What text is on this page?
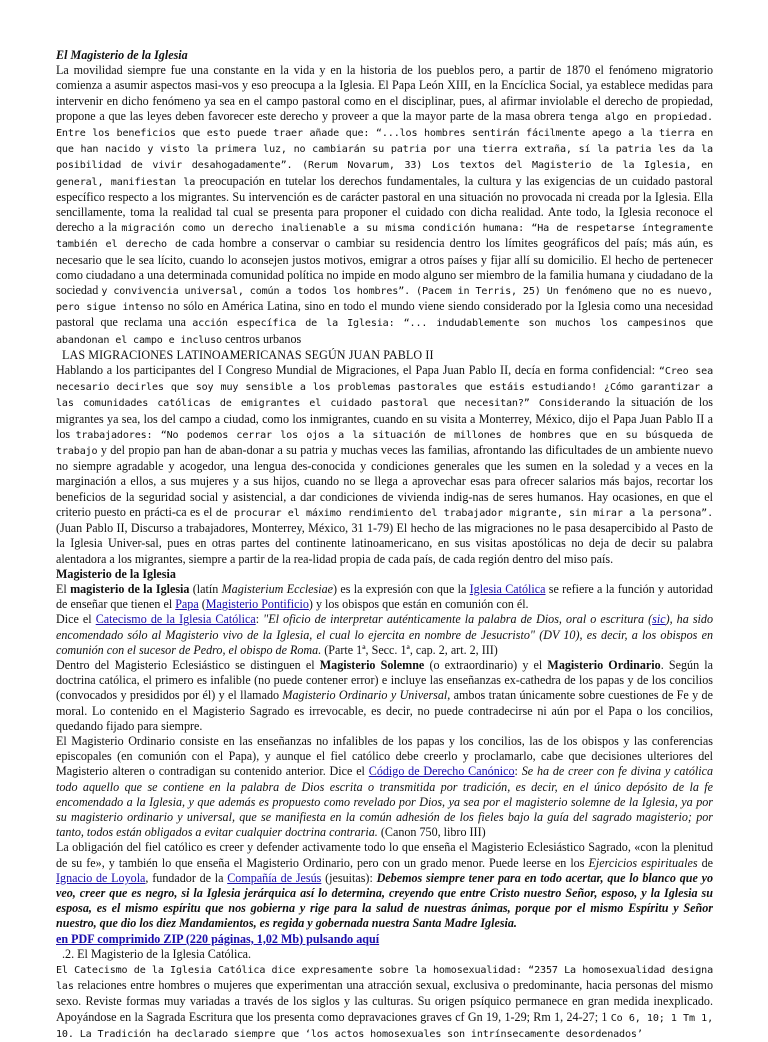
El Magisterio de la Iglesia

La movilidad siempre fue una constante en la vida y en la historia de los pueblos pero, a partir de 1870 el fenómeno migratorio comienza a asumir aspectos masi-vos y eso preocupa a la Iglesia. El Papa León XIII, en la Encíclica Social, ya establece medidas para intervenir en dicho fenómeno ya sea en el campo pastoral como en el disciplinar, pues, al afirmar inviolable el derecho de propiedad, propone a que las leyes deben favorecer este derecho y proveer a que la mayor parte de la masa obrera tenga algo en propiedad. Entre los beneficios que esto puede traer añade que: “...los hombres sentirán fácilmente apego a la tierra en que han nacido y visto la primera luz, no cambiarán su patria por una tierra extraña, sí la patria les da la posibilidad de vivir desahogadamente”. (Rerum Novarum, 33) Los textos del Magisterio de la Iglesia, en general, manifiestan la preocupación en tutelar los derechos fundamentales, la cultura y las exigencias de un cuidado pastoral específico respecto a los migrantes. Su intervención es de carácter pastoral en una situación no provocada ni creada por la Iglesia. Ella sencillamente, toma la realidad tal cual se presenta para proponer el cuidado con dicha realidad. Ante todo, la Iglesia reconoce el derecho a la migración como un derecho inalienable a su misma condición humana: “Ha de respetarse íntegramente también el derecho de cada hombre a conservar o cambiar su residencia dentro los límites geográficos del país; más aún, es necesario que le sea lícito, cuando lo aconsejen justos motivos, emigrar a otros países y fijar allí su domicilio. El hecho de pertenecer como ciudadano a una determinada comunidad política no impide en modo alguno ser miembro de la familia humana y ciudadano de la sociedad y convivencia universal, común a todos los hombres”. (Pacem in Terris, 25) Un fenómeno que no es nuevo, pero sigue intenso no sólo en América Latina, sino en todo el mundo viene siendo considerado por la Iglesia como una necesidad pastoral que reclama una acción específica de la Iglesia: “... indudablemente son muchos los campesinos que abandonan el campo e incluso centros urbanos

LAS MIGRACIONES LATINOAMERICANAS SEGÚN JUAN PABLO II

Hablando a los participantes del I Congreso Mundial de Migraciones, el Papa Juan Pablo II, decía en forma confidencial: “Creo sea necesario decirles que soy muy sensible a los problemas pastorales que estáis estudiando! ¿Cómo garantizar a las comunidades católicas de emigrantes el cuidado pastoral que necesitan?” Considerando la situación de los migrantes ya sea, los del campo a ciudad, como los inmigrantes, cuando en su visita a Monterrey, México, dijo el Papa Juan Pablo II a los trabajadores: “No podemos cerrar los ojos a la situación de millones de hombres que en su búsqueda de trabajo y del propio pan han de aban-donar a su patria y muchas veces las familias, afrontando las dificultades de un ambiente nuevo no siempre agradable y acogedor, una lengua des-conocida y condiciones generales que les sumen en la soledad y a veces en la marginación a ellos, a sus mujeres y a sus hijos, cuando no se llega a aprovechar esas para ofrecer salarios más bajos, recortar los beneficios de la seguridad social y asistencial, a dar condiciones de vivienda indig-nas de seres humanos. Hay ocasiones, en que el criterio puesto en prácti-ca es el de procurar el máximo rendimiento del trabajador migrante, sin mirar a la persona”. (Juan Pablo II, Discurso a trabajadores, Monterrey, México, 31 1-79) El hecho de las migraciones no le pasa desapercibido al Pasto de la Iglesia Univer-sal, pues en otras partes del continente latinoamericano, en sus visitas apostólicas no deja de decir su palabra alentadora a los migrantes, siempre a partir de la rea-lidad propia de cada país, de cada región dentro del miso país.

Magisterio de la Iglesia

El magisterio de la Iglesia (latín Magisterium Ecclesiae) es la expresión con que la Iglesia Católica se refiere a la función y autoridad de enseñar que tienen el Papa (Magisterio Pontificio) y los obispos que están en comunión con él.

Dice el Catecismo de la Iglesia Católica: "El oficio de interpretar auténticamente la palabra de Dios, oral o escritura (sic), ha sido encomendado sólo al Magisterio vivo de la Iglesia, el cual lo ejercita en nombre de Jesucristo" (DV 10), es decir, a los obispos en comunión con el sucesor de Pedro, el obispo de Roma. (Parte 1ª, Secc. 1ª, cap. 2, art. 2, III)

Dentro del Magisterio Eclesiástico se distinguen el Magisterio Solemne (o extraordinario) y el Magisterio Ordinario. Según la doctrina católica, el primero es infalible (no puede contener error) e incluye las enseñanzas ex-cathedra de los papas y de los concilios (convocados y presididos por él) y el llamado Magisterio Ordinario y Universal, ambos tratan únicamente sobre cuestiones de Fe y de moral. Lo contenido en el Magisterio Sagrado es irrevocable, es decir, no puede contradecirse ni aún por el Papa o los concilios, quedando fijado para siempre.

El Magisterio Ordinario consiste en las enseñanzas no infalibles de los papas y los concilios, las de los obispos y las conferencias episcopales (en comunión con el Papa), y aunque el fiel católico debe creerlo y proclamarlo, cabe que decisiones ulteriores del Magisterio alteren o contradigan su contenido anterior. Dice el Código de Derecho Canónico: Se ha de creer con fe divina y católica todo aquello que se contiene en la palabra de Dios escrita o transmitida por tradición, es decir, en el único depósito de la fe encomendado a la Iglesia, y que además es propuesto como revelado por Dios, ya sea por el magisterio solemne de la Iglesia, ya por su magisterio ordinario y universal, que se manifiesta en la común adhesión de los fieles bajo la guía del sagrado magisterio; por tanto, todos están obligados a evitar cualquier doctrina contraria. (Canon 750, libro III)

La obligación del fiel católico es creer y defender activamente todo lo que enseña el Magisterio Eclesiástico Sagrado, «con la plenitud de su fe», y también lo que enseña el Magisterio Ordinario, pero con un grado menor. Puede leerse en los Ejercicios espirituales de Ignacio de Loyola, fundador de la Compañía de Jesús (jesuitas): Debemos siempre tener para en todo acertar, que lo blanco que yo veo, creer que es negro, si la Iglesia jerárquica así lo determina, creyendo que entre Cristo nuestro Señor, esposo, y la Iglesia su esposa, es el mismo espíritu que nos gobierna y rige para la salud de nuestras ánimas, porque por el mismo Espíritu y Señor nuestro, que dio los diez Mandamientos, es regida y gobernada nuestra Santa Madre Iglesia.

en PDF comprimido ZIP (220 páginas, 1,02 Mb) pulsando aquí

.2. El Magisterio de la Iglesia Católica.

El Catecismo de la Iglesia Católica dice expresamente sobre la homosexualidad: “2357 La homosexualidad designa las relaciones entre hombres o mujeres que experimentan una atracción sexual, exclusiva o predominante, hacia personas del mismo sexo. Reviste formas muy variadas a través de los siglos y las culturas. Su origen psíquico permanece en gran medida inexplicado. Apoyándose en la Sagrada Escritura que los presenta como depravaciones graves cf Gn 19, 1-29; Rm 1, 24-27; 1 Co 6, 10; 1 Tm 1, 10. La Tradición ha declarado siempre que ‘los actos homosexuales son intrínsecamente desordenados’
